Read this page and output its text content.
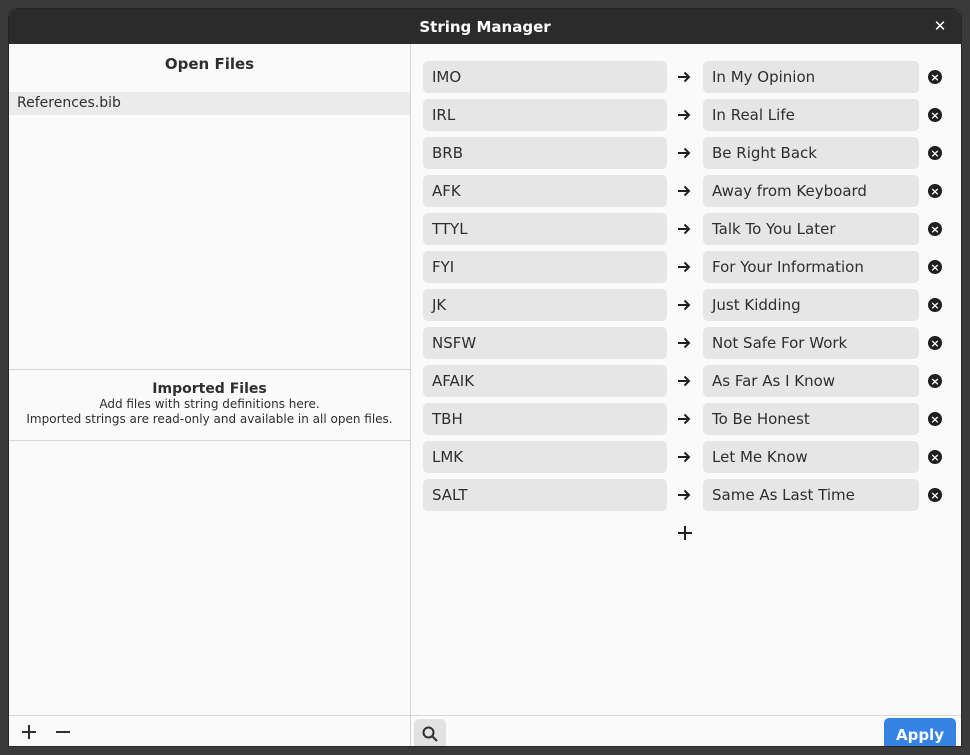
String Manager	✕
Open Files
References.bib
Imported Files
Add files with string definitions here.
Imported strings are read-only and available in all open files.
IMO	In My Opinion	×
IRL	In Real Life	×
BRB	Be Right Back	×
AFK	Away from Keyboard	×
TTYL	Talk To You Later	×
FYI	For Your Information	×
JK	Just Kidding	×
NSFW	Not Safe For Work	×
AFAIK	As Far As I Know	×
TBH	To Be Honest	×
LMK	Let Me Know	×
SALT	Same As Last Time	×
Apply
